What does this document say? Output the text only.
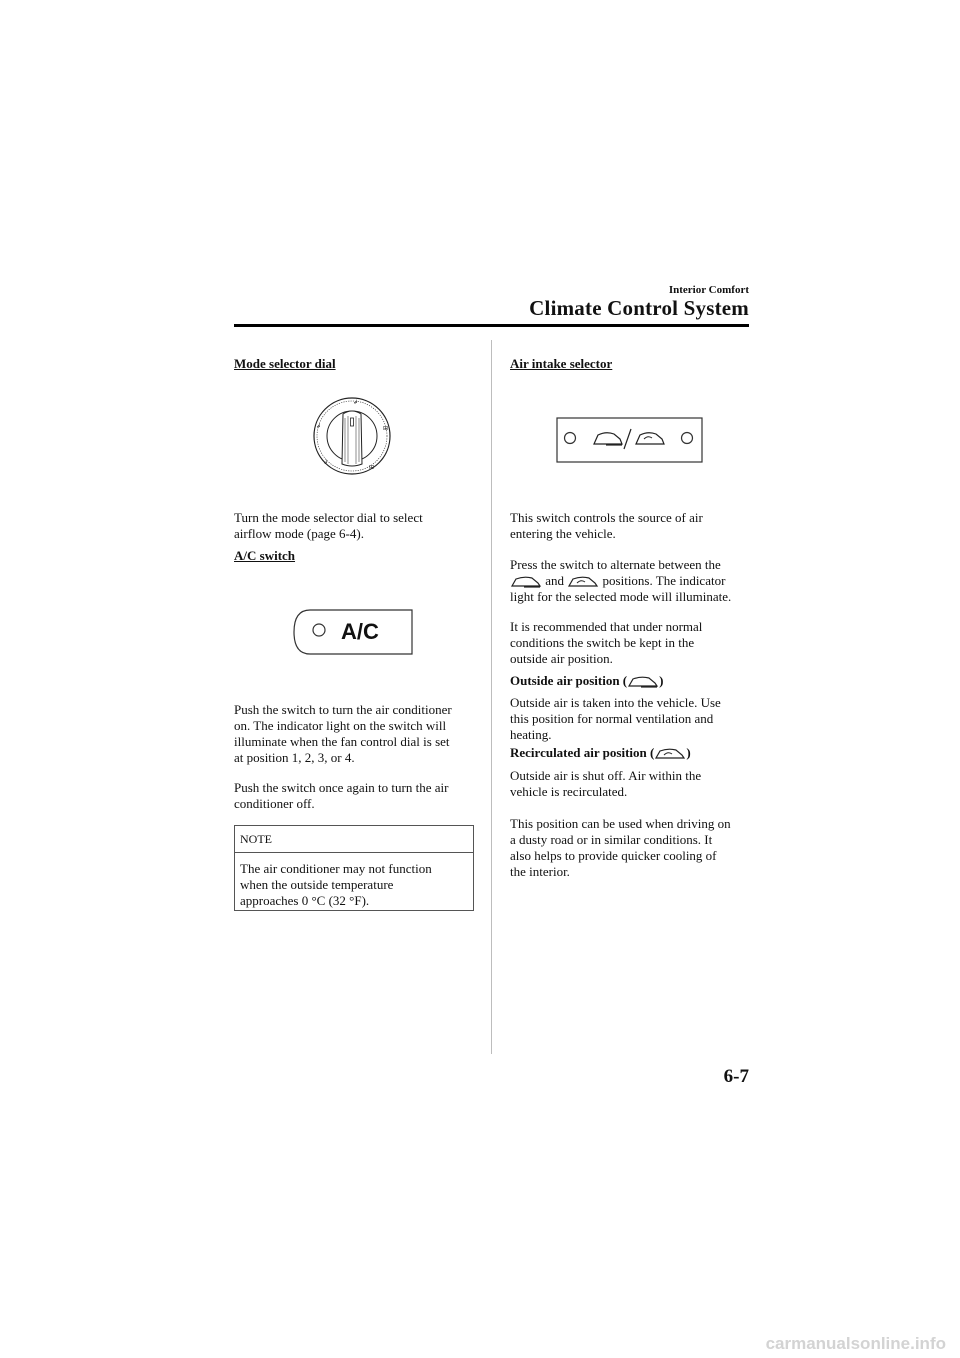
Interior Comfort
Climate Control System
Mode selector dial
↲
↲	⊞
↲
⊞

Turn the mode selector dial to select

airflow mode (page 6-4).

A/C switch
A/C

Push the switch to turn the air conditioner

on. The indicator light on the switch will

illuminate when the fan control dial is set

at position 1, 2, 3, or 4.

Push the switch once again to turn the air

conditioner off.

NOTE
The air conditioner may not function
when the outside temperature
approaches 0 °C (32 °F).
Air intake selector

This switch controls the source of air

entering the vehicle.

Press the switch to alternate between the

and	positions. The indicator

light for the selected mode will illuminate.

It is recommended that under normal

conditions the switch be kept in the

outside air position.

Outside air position ( )

Outside air is taken into the vehicle. Use

this position for normal ventilation and

heating.

Recirculated air position ( )

Outside air is shut off. Air within the

vehicle is recirculated.

This position can be used when driving on

a dusty road or in similar conditions. It

also helps to provide quicker cooling of

the interior.

6-7
carmanualsonline.info
